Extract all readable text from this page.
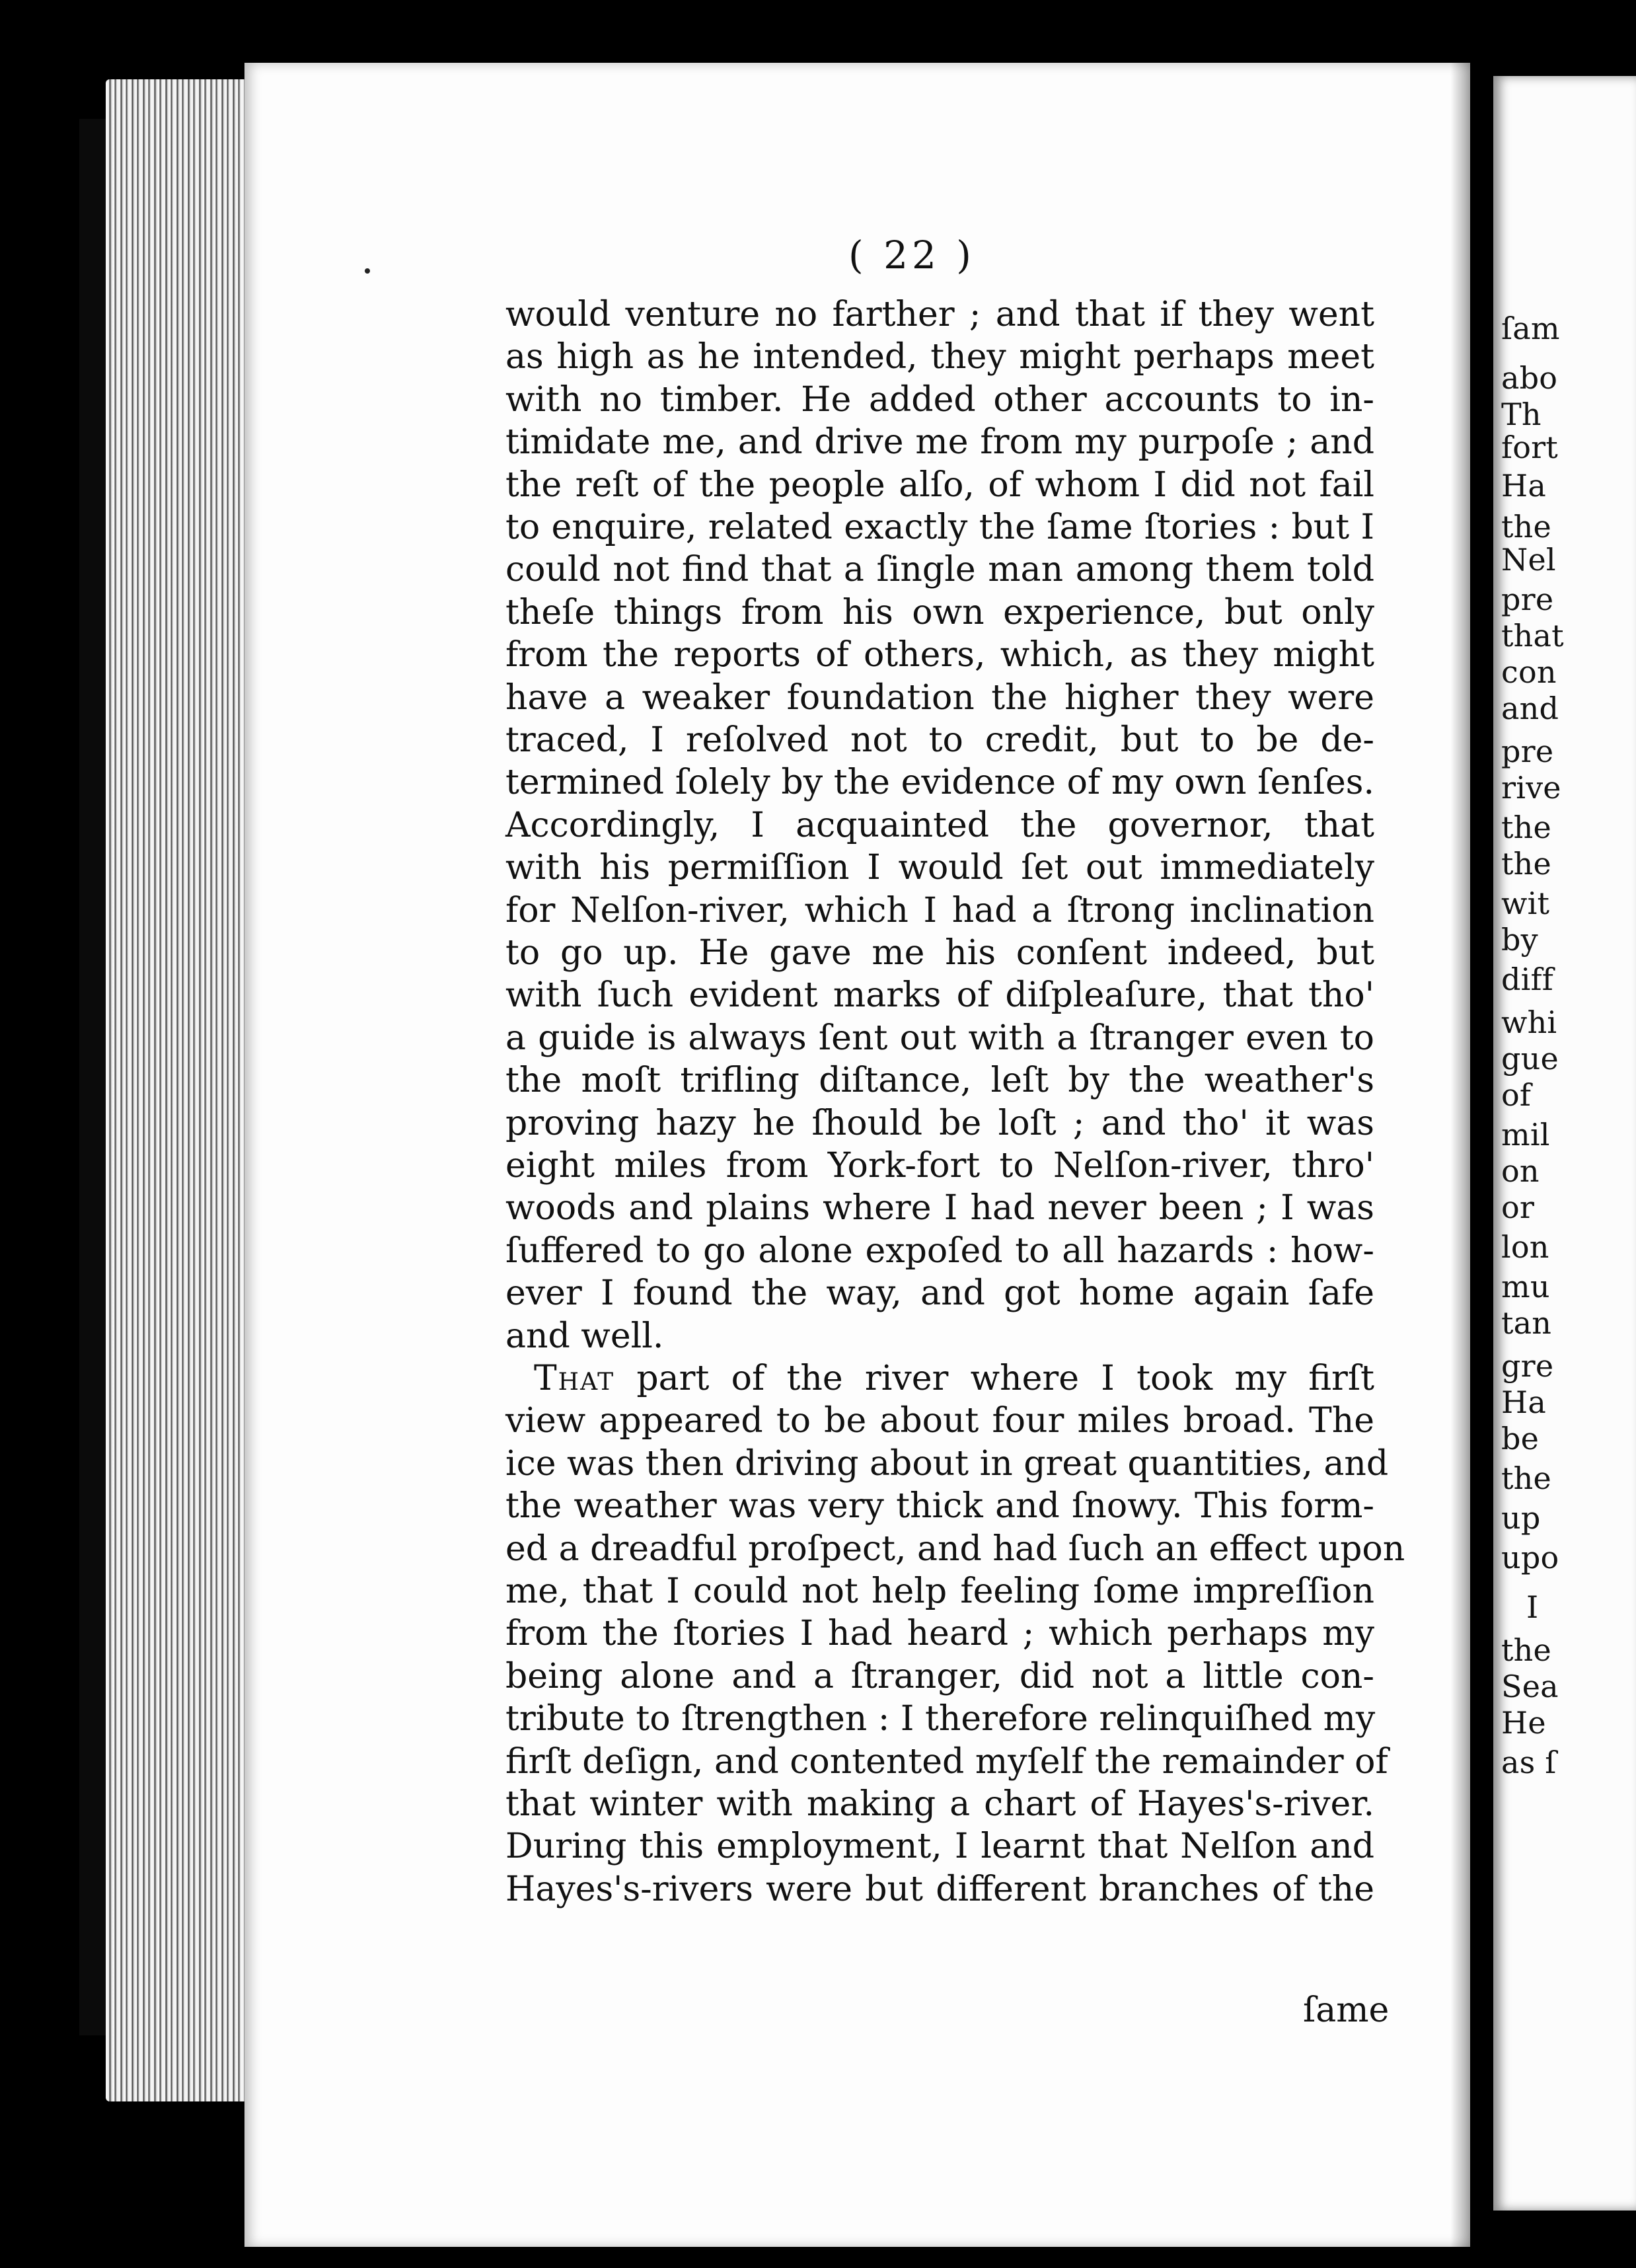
ſam
abo
Th
fort
Ha
the
Nel
pre
that
con
and
pre
rive
the
the
wit
by
diff
whi
gue
of
mil
on
or
lon
mu
tan
gre
Ha
be
the
up
upo
I
the
Sea
He
as ſ
( 22 )
would venture no farther ; and that if they went
as high as he intended, they might perhaps meet
with no timber. He added other accounts to in-
timidate me, and drive me from my purpoſe ; and
the reſt of the people alſo, of whom I did not fail
to enquire, related exactly the ſame ſtories : but I
could not find that a ſingle man among them told
theſe things from his own experience, but only
from the reports of others, which, as they might
have a weaker foundation the higher they were
traced, I reſolved not to credit, but to be de-
termined ſolely by the evidence of my own ſenſes.
Accordingly, I acquainted the governor, that
with his permiſſion I would ſet out immediately
for Nelſon-river, which I had a ſtrong inclination
to go up. He gave me his conſent indeed, but
with ſuch evident marks of diſpleaſure, that tho'
a guide is always ſent out with a ſtranger even to
the moſt trifling diſtance, leſt by the weather's
proving hazy he ſhould be loſt ; and tho' it was
eight miles from York-fort to Nelſon-river, thro'
woods and plains where I had never been ; I was
ſuffered to go alone expoſed to all hazards : how-
ever I found the way, and got home again ſafe
and well.
That part of the river where I took my firſt
view appeared to be about four miles broad. The
ice was then driving about in great quantities, and
the weather was very thick and ſnowy. This form-
ed a dreadful proſpect, and had ſuch an effect upon
me, that I could not help feeling ſome impreſſion
from the ſtories I had heard ; which perhaps my
being alone and a ſtranger, did not a little con-
tribute to ſtrengthen : I therefore relinquiſhed my
firſt deſign, and contented myſelf the remainder of
that winter with making a chart of Hayes's-river.
During this employment, I learnt that Nelſon and
Hayes's-rivers were but different branches of the
ſame
